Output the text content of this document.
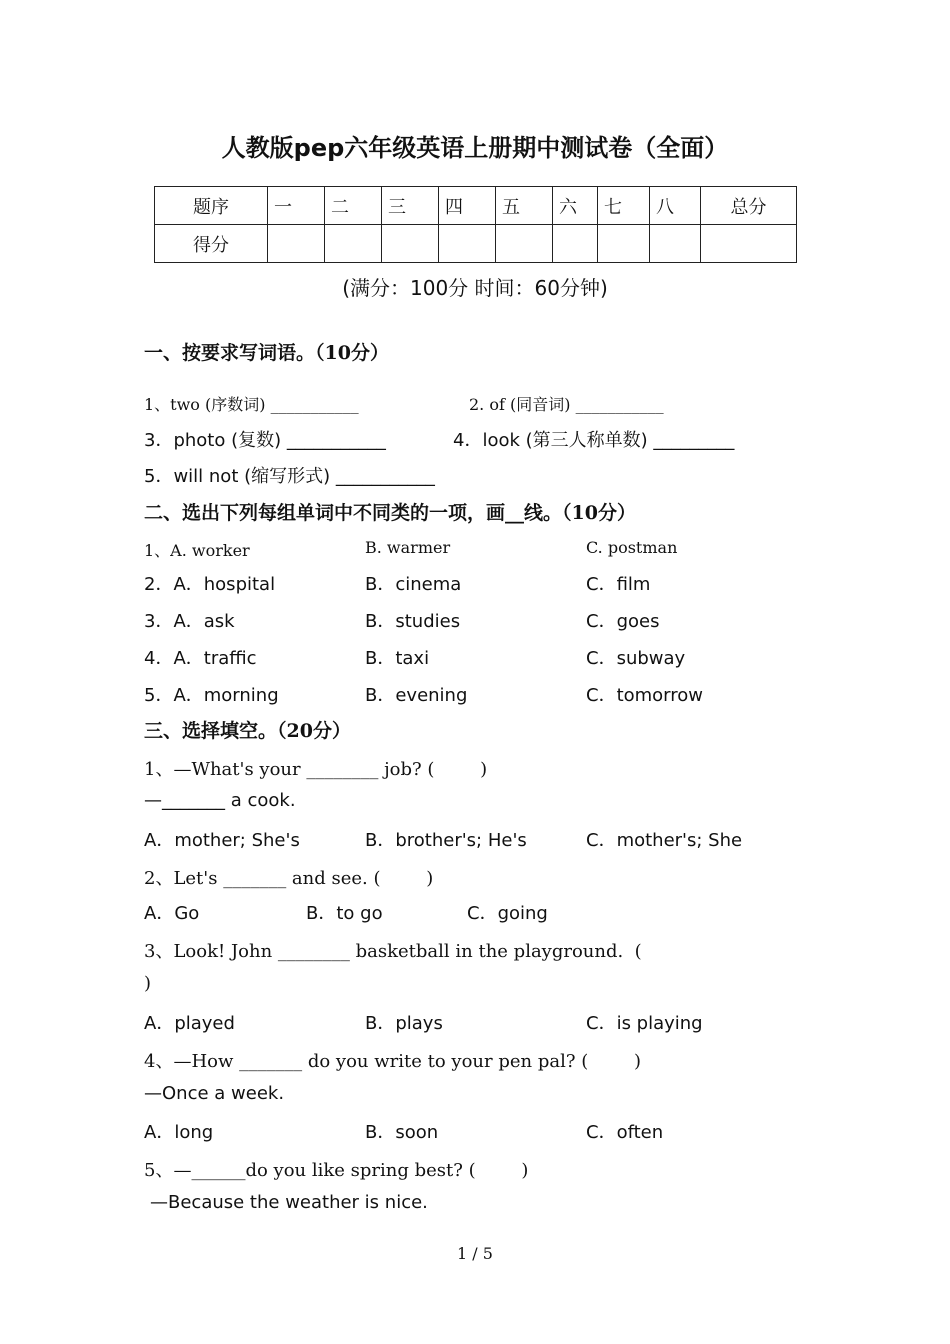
人教版pep六年级英语上册期中测试卷（全面）
题序	一	二	三	四	五	六	七	八	总分
得分									
(满分：100分 时间：60分钟)
一、按要求写词语。（10分）
1、two (序数词) ___________	2. of (同音词) ___________
3．photo (复数) ___________	4．look (第三人称单数) _________
5．will not (缩写形式) ___________
二、选出下列每组单词中不同类的一项，画__线。（10分）
1、A. worker	B. warmer	C. postman
2．A．hospital	B．cinema	C．film
3．A．ask	B．studies	C．goes
4．A．traffic	B．taxi	C．subway
5．A．morning	B．evening	C．tomorrow
三、选择填空。（20分）
1、—What's your ________ job? (        )
—_______ a cook.
A．mother; She's	B．brother's; He's	C．mother's; She
2、Let's _______ and see. (        )
A．Go	B．to go	C．going
3、Look! John ________ basketball in the playground.  (
)
A．played	B．plays	C．is playing
4、—How _______ do you write to your pen pal? (        )
—Once a week.
A．long	B．soon	C．often
5、—______do you like spring best? (        )
—Because the weather is nice.
1 / 5
